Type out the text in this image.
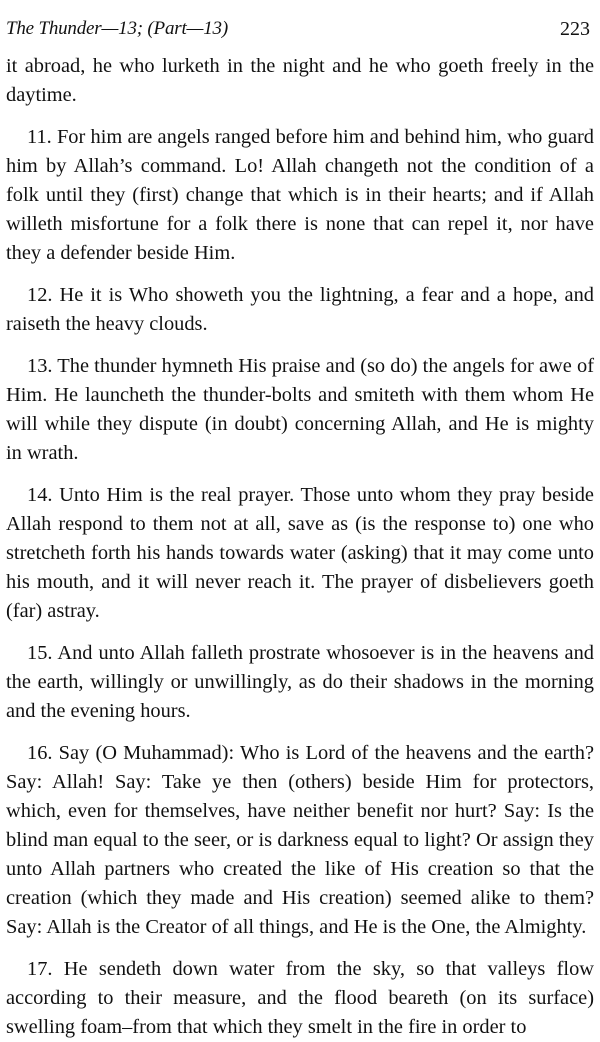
The Thunder—13; (Part—13)	223

it abroad, he who lurketh in the night and he who goeth freely in the daytime.

11. For him are angels ranged before him and behind him, who guard him by Allah’s command. Lo! Allah changeth not the condition of a folk until they (first) change that which is in their hearts; and if Allah willeth misfortune for a folk there is none that can repel it, nor have they a defender beside Him.

12. He it is Who showeth you the lightning, a fear and a hope, and raiseth the heavy clouds.

13. The thunder hymneth His praise and (so do) the angels for awe of Him. He launcheth the thunder-bolts and smiteth with them whom He will while they dispute (in doubt) concerning Allah, and He is mighty in wrath.

14. Unto Him is the real prayer. Those unto whom they pray beside Allah respond to them not at all, save as (is the response to) one who stretcheth forth his hands towards water (asking) that it may come unto his mouth, and it will never reach it. The prayer of disbelievers goeth (far) astray.

15. And unto Allah falleth prostrate whosoever is in the heavens and the earth, willingly or unwillingly, as do their shadows in the morning and the evening hours.

16. Say (O Muhammad): Who is Lord of the heavens and the earth? Say: Allah! Say: Take ye then (others) beside Him for protectors, which, even for themselves, have neither benefit nor hurt? Say: Is the blind man equal to the seer, or is darkness equal to light? Or assign they unto Allah partners who created the like of His creation so that the creation (which they made and His creation) seemed alike to them? Say: Allah is the Creator of all things, and He is the One, the Almighty.

17. He sendeth down water from the sky, so that valleys flow according to their measure, and the flood beareth (on its surface) swelling foam–from that which they smelt in the fire in order to
